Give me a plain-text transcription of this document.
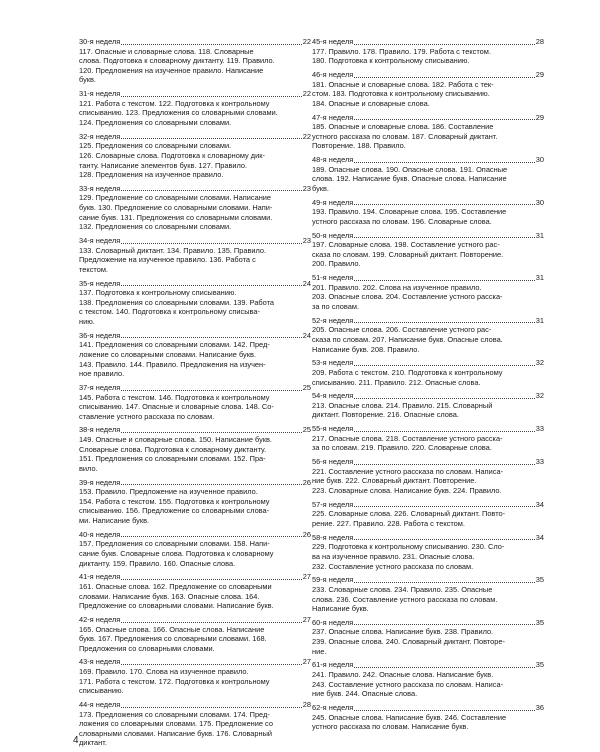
30-я неделя	22
117. Опасные и словарные слова. 118. Словарные
слова. Подготовка к словарному диктанту. 119. Правило.
120. Предложения на изученное правило. Написание
букв.
31-я неделя	22
121. Работа с текстом. 122. Подготовка к контрольному
списыванию. 123. Предложения со словарными словами.
124. Предложения со словарными словами.
32-я неделя	22
125. Предложения со словарными словами.
126. Словарные слова. Подготовка к словарному дик-
танту. Написание элементов букв. 127. Правило.
128. Предложения на изученное правило.
33-я неделя	23
129. Предложение со словарными словами. Написание
букв. 130. Предложение со словарными словами. Напи-
сание букв. 131. Предложения со словарными словами.
132. Предложения со словарными словами.
34-я неделя	23
133. Словарный диктант. 134. Правило. 135. Правило.
Предложение на изученное правило. 136. Работа с
текстом.
35-я неделя	24
137. Подготовка к контрольному списыванию.
138. Предложения со словарными словами. 139. Работа
с текстом. 140. Подготовка к контрольному списыва-
нию.
36-я неделя	24
141. Предложения со словарными словами. 142. Пред-
ложение со словарными словами. Написание букв.
143. Правило. 144. Правило. Предложения на изучен-
ное правило.
37-я неделя	25
145. Работа с текстом. 146. Подготовка к контрольному
списыванию. 147. Опасные и словарные слова. 148. Со-
ставление устного рассказа по словам.
38-я неделя	25
149. Опасные и словарные слова. 150. Написание букв.
Словарные слова. Подготовка к словарному диктанту.
151. Предложения со словарными словами. 152. Пра-
вило.
39-я неделя	26
153. Правило. Предложение на изученное правило.
154. Работа с текстом. 155. Подготовка к контрольному
списыванию. 156. Предложение со словарными слова-
ми. Написание букв.
40-я неделя	26
157. Предложения со словарными словами. 158. Напи-
сание букв. Словарные слова. Подготовка к словарному
диктанту. 159. Правило. 160. Опасные слова.
41-я неделя	27
161. Опасные слова. 162. Предложение со словарными
словами. Написание букв. 163. Опасные слова. 164.
Предложение со словарными словами. Написание букв.
42-я неделя	27
165. Опасные слова. 166. Опасные слова. Написание
букв. 167. Предложения со словарными словами. 168.
Предложения со словарными словами.
43-я неделя	27
169. Правило. 170. Слова на изученное правило.
171. Работа с текстом. 172. Подготовка к контрольному
списыванию.
44-я неделя	28
173. Предложения со словарными словами. 174. Пред-
ложения со словарными словами. 175. Предложение со
словарными словами. Написание букв. 176. Словарный
диктант.
45-я неделя	28
177. Правило. 178. Правило. 179. Работа с текстом.
180. Подготовка к контрольному списыванию.
46-я неделя	29
181. Опасные и словарные слова. 182. Работа с тек-
стом. 183. Подготовка к контрольному списыванию.
184. Опасные и словарные слова.
47-я неделя	29
185. Опасные и словарные слова. 186. Составление
устного рассказа по словам. 187. Словарный диктант.
Повторение. 188. Правило.
48-я неделя	30
189. Опасные слова. 190. Опасные слова. 191. Опасные
слова. 192. Написание букв. Опасные слова. Написание
букв.
49-я неделя	30
193. Правило. 194. Словарные слова. 195. Составление
устного рассказа по словам. 196. Словарные слова.
50-я неделя	31
197. Словарные слова. 198. Составление устного рас-
сказа по словам. 199. Словарный диктант. Повторение.
200. Правило.
51-я неделя	31
201. Правило. 202. Слова на изученное правило.
203. Опасные слова. 204. Составление устного расска-
за по словам.
52-я неделя	31
205. Опасные слова. 206. Составление устного рас-
сказа по словам. 207. Написание букв. Опасные слова.
Написание букв. 208. Правило.
53-я неделя	32
209. Работа с текстом. 210. Подготовка к контрольному
списыванию. 211. Правило. 212. Опасные слова.
54-я неделя	32
213. Опасные слова. 214. Правило. 215. Словарный
диктант. Повторение. 216. Опасные слова.
55-я неделя	33
217. Опасные слова. 218. Составление устного расска-
за по словам. 219. Правило. 220. Словарные слова.
56-я неделя	33
221. Составление устного рассказа по словам. Написа-
ние букв. 222. Словарный диктант. Повторение.
223. Словарные слова. Написание букв. 224. Правило.
57-я неделя	34
225. Словарные слова. 226. Словарный диктант. Повто-
рение. 227. Правило. 228. Работа с текстом.
58-я неделя	34
229. Подготовка к контрольному списыванию. 230. Сло-
ва на изученное правило. 231. Опасные слова.
232. Составление устного рассказа по словам.
59-я неделя	35
233. Словарные слова. 234. Правило. 235. Опасные
слова. 236. Составление устного рассказа по словам.
Написание букв.
60-я неделя	35
237. Опасные слова. Написание букв. 238. Правило.
239. Опасные слова. 240. Словарный диктант. Повторе-
ние.
61-я неделя	35
241. Правило. 242. Опасные слова. Написание букв.
243. Составление устного рассказа по словам. Написа-
ние букв. 244. Опасные слова.
62-я неделя	36
245. Опасные слова. Написание букв. 246. Составление
устного рассказа по словам. Написание букв.
4
